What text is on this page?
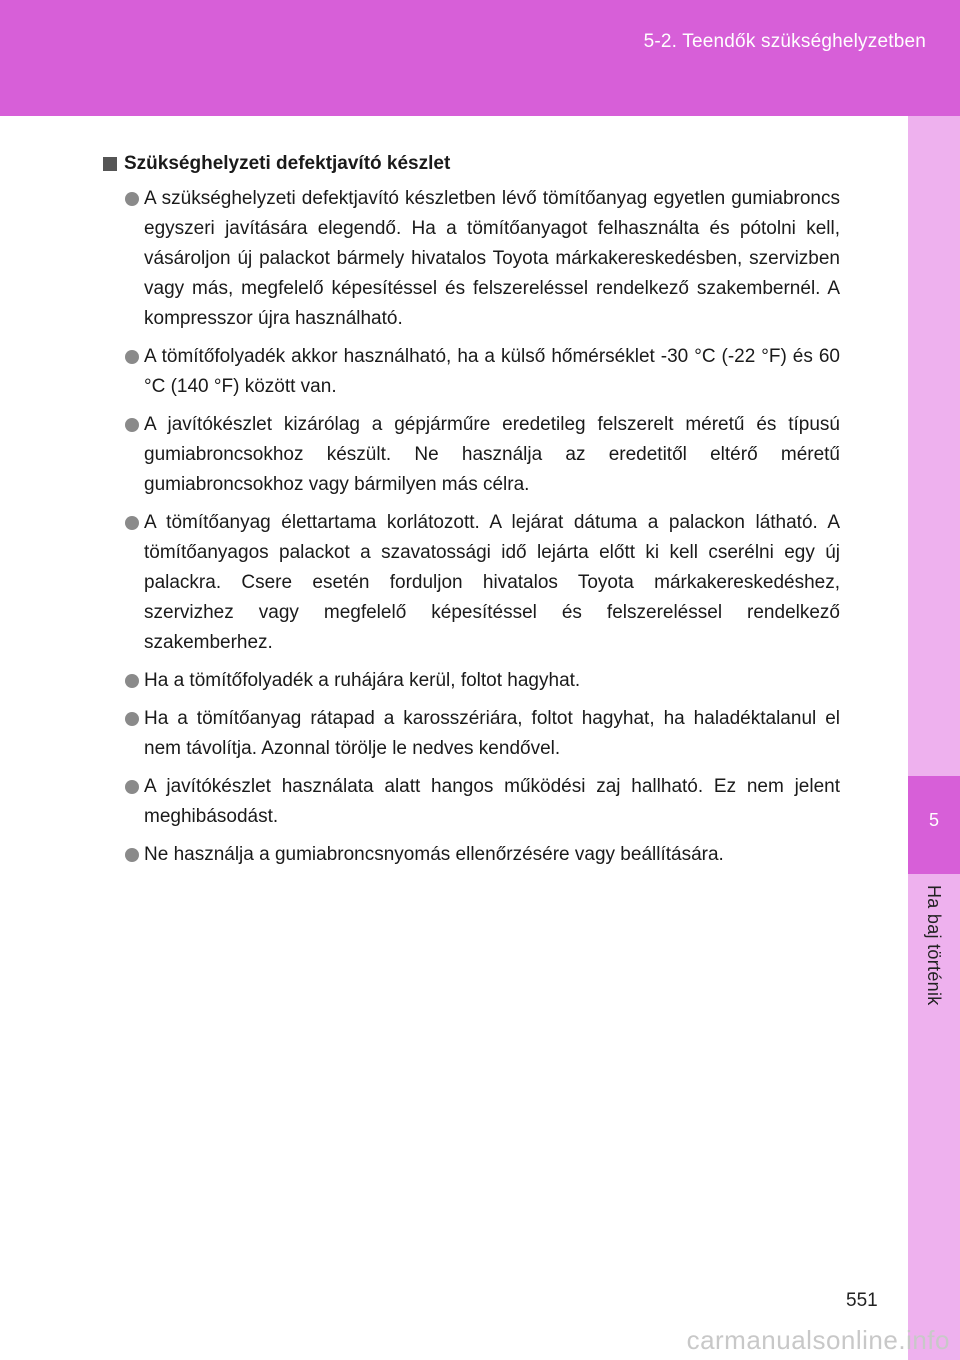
5-2. Teendők szükséghelyzetben
5
Ha baj történik
Szükséghelyzeti defektjavító készlet
A szükséghelyzeti defektjavító készletben lévő tömítőanyag egyetlen gumiabroncs egyszeri javítására elegendő. Ha a tömítőanyagot felhasználta és pótolni kell, vásároljon új palackot bármely hivatalos Toyota márkakereskedésben, szervizben vagy más, megfelelő képesítéssel és felszereléssel rendelkező szakembernél. A kompresszor újra használható.
A tömítőfolyadék akkor használható, ha a külső hőmérséklet -30 °C (-22 °F) és 60 °C (140 °F) között van.
A javítókészlet kizárólag a gépjárműre eredetileg felszerelt méretű és típusú gumiabroncsokhoz készült. Ne használja az eredetitől eltérő méretű gumiabroncsokhoz vagy bármilyen más célra.
A tömítőanyag élettartama korlátozott. A lejárat dátuma a palackon látható. A tömítőanyagos palackot a szavatossági idő lejárta előtt ki kell cserélni egy új palackra. Csere esetén forduljon hivatalos Toyota márkakereskedéshez, szervizhez vagy megfelelő képesítéssel és felszereléssel rendelkező szakemberhez.
Ha a tömítőfolyadék a ruhájára kerül, foltot hagyhat.
Ha a tömítőanyag rátapad a karosszériára, foltot hagyhat, ha haladéktalanul el nem távolítja. Azonnal törölje le nedves kendővel.
A javítókészlet használata alatt hangos működési zaj hallható. Ez nem jelent meghibásodást.
Ne használja a gumiabroncsnyomás ellenőrzésére vagy beállítására.
551
carmanualsonline.info
